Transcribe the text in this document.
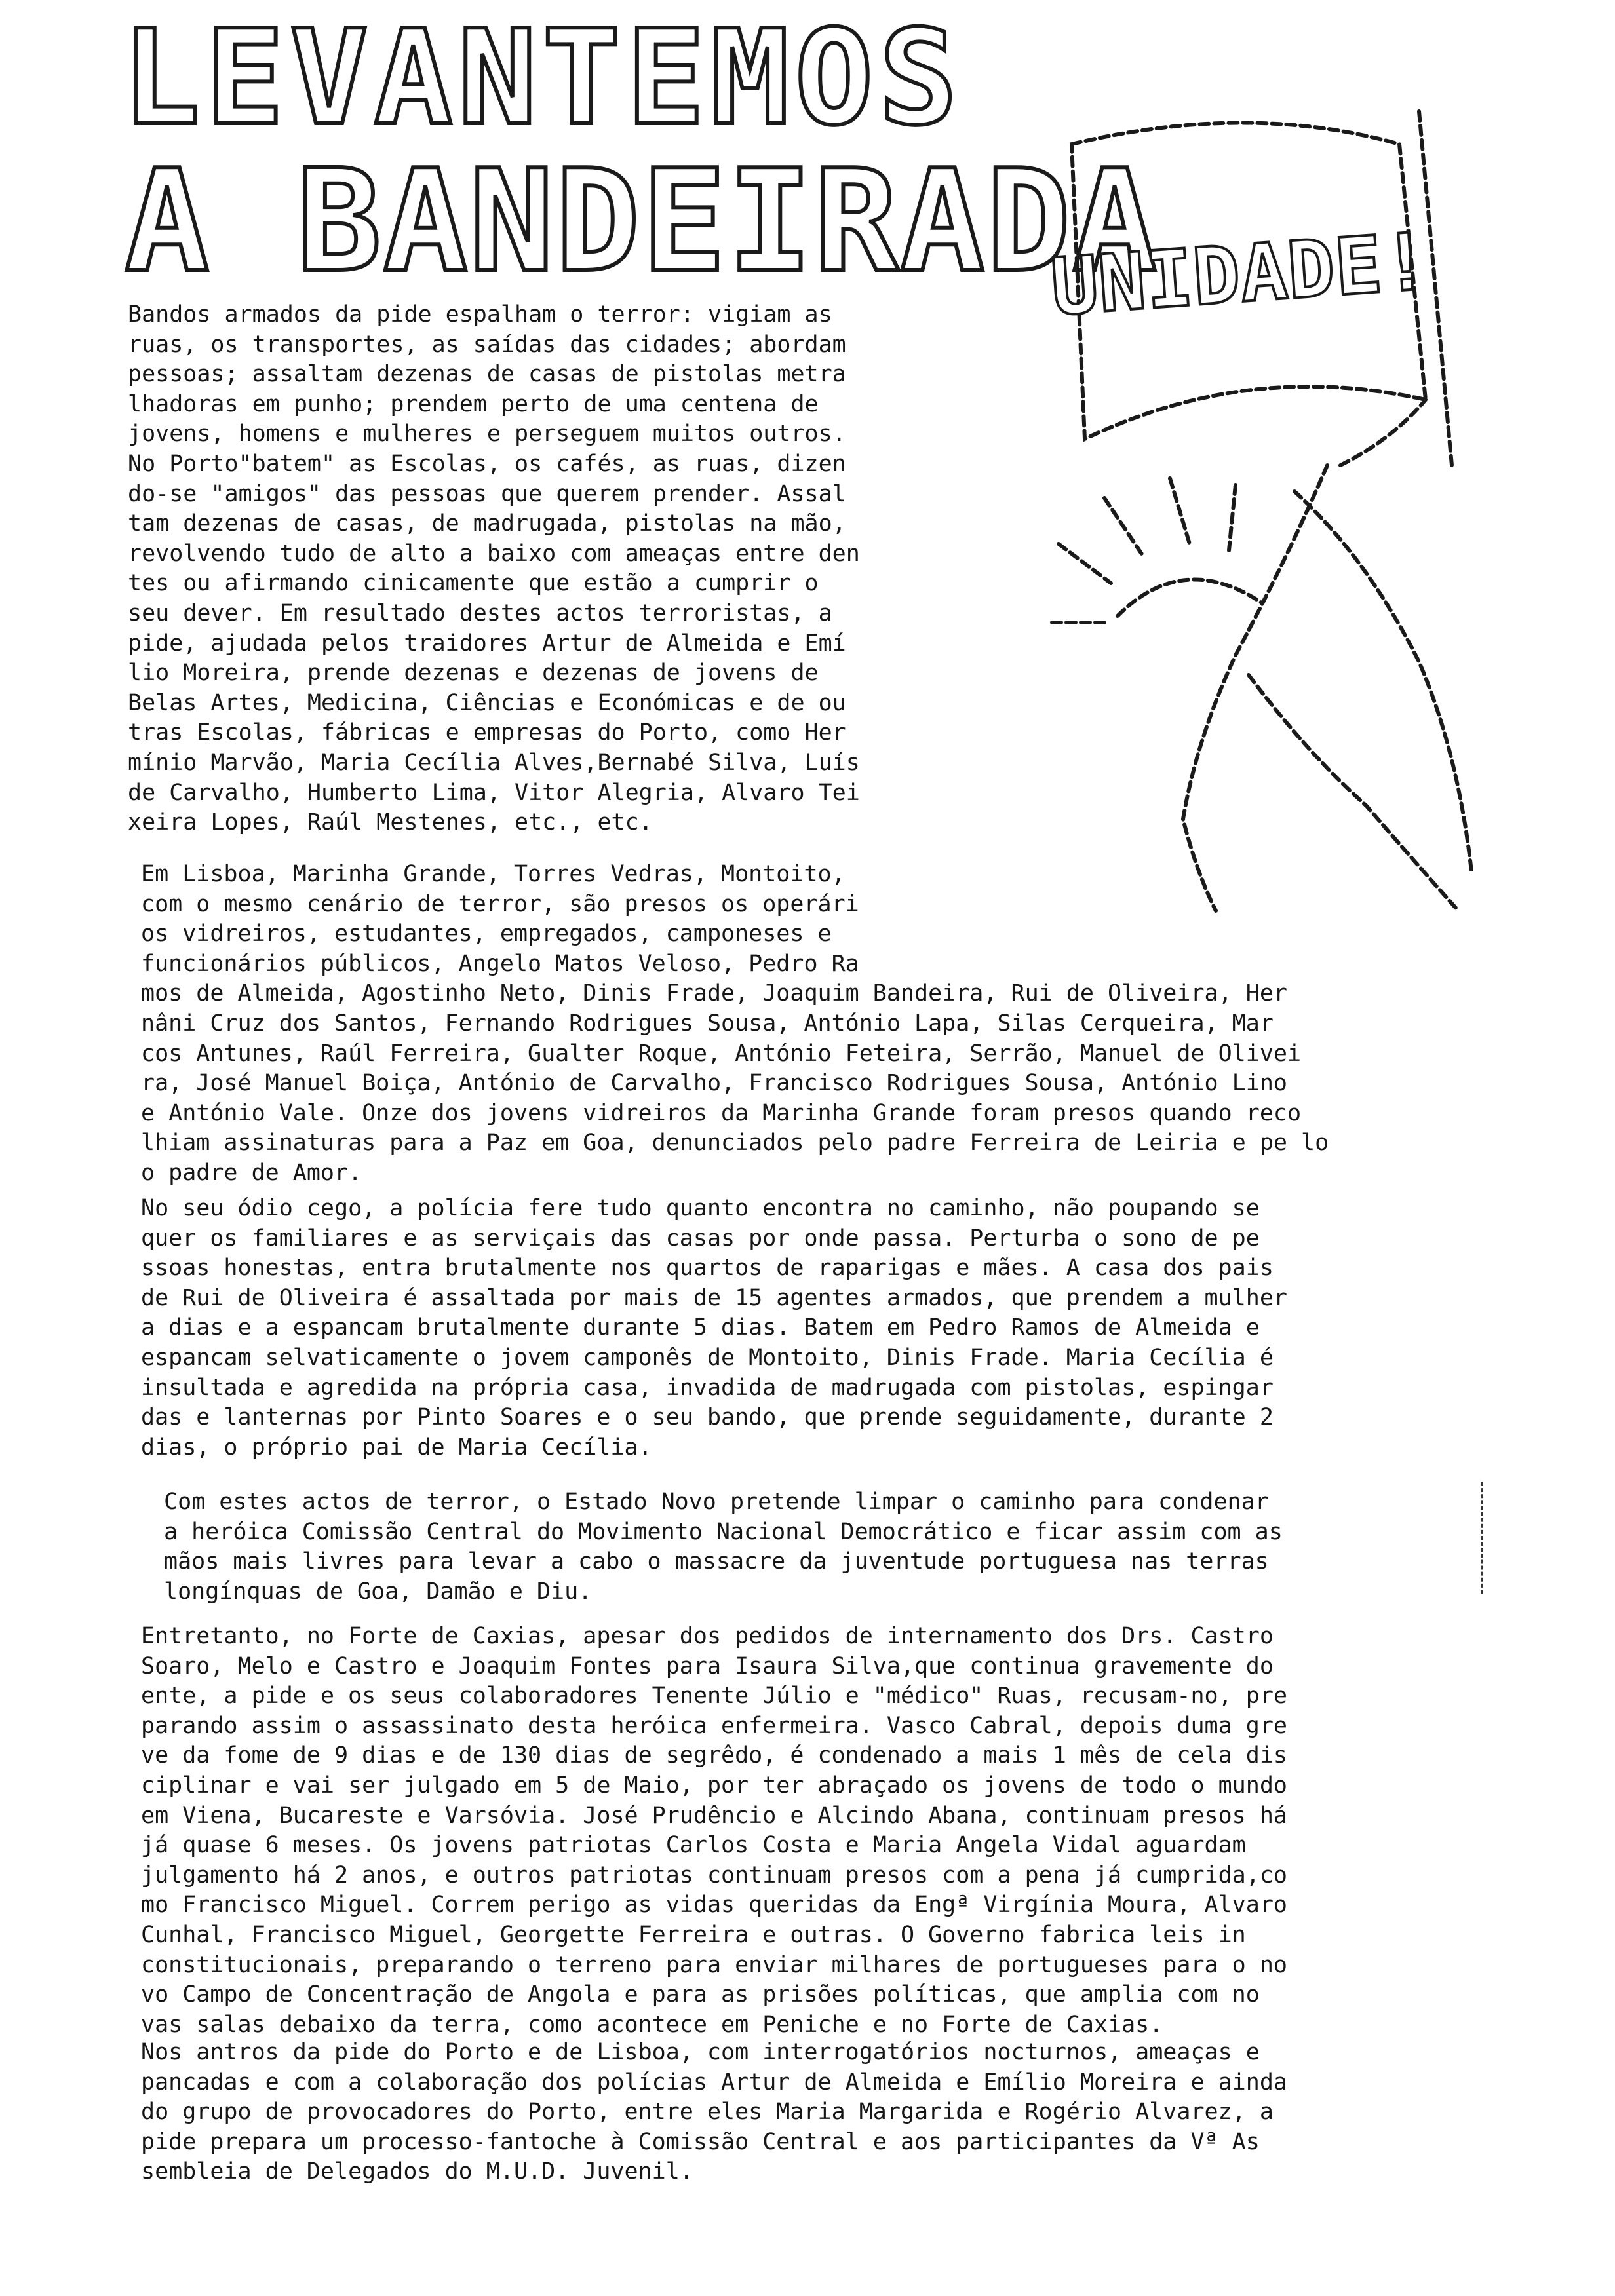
LEVANTEMOS
A BANDEIRADA
UNIDADE!
Bandos armados da pide espalham o terror: vigiam as
ruas, os transportes, as saídas das cidades; abordam
pessoas; assaltam dezenas de casas de pistolas metra
lhadoras em punho; prendem perto de uma centena de
jovens, homens e mulheres e perseguem muitos outros.
No Porto"batem" as Escolas, os cafés, as ruas, dizen
do-se "amigos" das pessoas que querem prender. Assal
tam dezenas de casas, de madrugada, pistolas na mão,
revolvendo tudo de alto a baixo com ameaças entre den
tes ou afirmando cinicamente que estão a cumprir o
seu dever. Em resultado destes actos terroristas, a
pide, ajudada pelos traidores Artur de Almeida e Emí
lio Moreira, prende dezenas e dezenas de jovens de
Belas Artes, Medicina, Ciências e Económicas e de ou
tras Escolas, fábricas e empresas do Porto, como Her
mínio Marvão, Maria Cecília Alves,Bernabé Silva, Luís
de Carvalho, Humberto Lima, Vitor Alegria, Alvaro Tei
xeira Lopes, Raúl Mestenes, etc., etc.
Em Lisboa, Marinha Grande, Torres Vedras, Montoito,
com o mesmo cenário de terror, são presos os operári
os vidreiros, estudantes, empregados, camponeses e
funcionários públicos, Angelo Matos Veloso, Pedro Ra
mos de Almeida, Agostinho Neto, Dinis Frade, Joaquim Bandeira, Rui de Oliveira, Her
nâni Cruz dos Santos, Fernando Rodrigues Sousa, António Lapa, Silas Cerqueira, Mar
cos Antunes, Raúl Ferreira, Gualter Roque, António Feteira, Serrão, Manuel de Olivei
ra, José Manuel Boiça, António de Carvalho, Francisco Rodrigues Sousa, António Lino
e António Vale. Onze dos jovens vidreiros da Marinha Grande foram presos quando reco
lhiam assinaturas para a Paz em Goa, denunciados pelo padre Ferreira de Leiria e pe lo
o padre de Amor.
No seu ódio cego, a polícia fere tudo quanto encontra no caminho, não poupando se
quer os familiares e as serviçais das casas por onde passa. Perturba o sono de pe
ssoas honestas, entra brutalmente nos quartos de raparigas e mães. A casa dos pais
de Rui de Oliveira é assaltada por mais de 15 agentes armados, que prendem a mulher
a dias e a espancam brutalmente durante 5 dias. Batem em Pedro Ramos de Almeida e
espancam selvaticamente o jovem camponês de Montoito, Dinis Frade. Maria Cecília é
insultada e agredida na própria casa, invadida de madrugada com pistolas, espingar
das e lanternas por Pinto Soares e o seu bando, que prende seguidamente, durante 2
dias, o próprio pai de Maria Cecília.
Com estes actos de terror, o Estado Novo pretende limpar o caminho para condenar
a heróica Comissão Central do Movimento Nacional Democrático e ficar assim com as
mãos mais livres para levar a cabo o massacre da juventude portuguesa nas terras
longínquas de Goa, Damão e Diu.
Entretanto, no Forte de Caxias, apesar dos pedidos de internamento dos Drs. Castro
Soaro, Melo e Castro e Joaquim Fontes para Isaura Silva,que continua gravemente do
ente, a pide e os seus colaboradores Tenente Júlio e "médico" Ruas, recusam-no, pre
parando assim o assassinato desta heróica enfermeira. Vasco Cabral, depois duma gre
ve da fome de 9 dias e de 130 dias de segrêdo, é condenado a mais 1 mês de cela dis
ciplinar e vai ser julgado em 5 de Maio, por ter abraçado os jovens de todo o mundo
em Viena, Bucareste e Varsóvia. José Prudêncio e Alcindo Abana, continuam presos há
já quase 6 meses. Os jovens patriotas Carlos Costa e Maria Angela Vidal aguardam
julgamento há 2 anos, e outros patriotas continuam presos com a pena já cumprida,co
mo Francisco Miguel. Correm perigo as vidas queridas da Engª Virgínia Moura, Alvaro
Cunhal, Francisco Miguel, Georgette Ferreira e outras. O Governo fabrica leis in
constitucionais, preparando o terreno para enviar milhares de portugueses para o no
vo Campo de Concentração de Angola e para as prisões políticas, que amplia com no
vas salas debaixo da terra, como acontece em Peniche e no Forte de Caxias.
Nos antros da pide do Porto e de Lisboa, com interrogatórios nocturnos, ameaças e
pancadas e com a colaboração dos polícias Artur de Almeida e Emílio Moreira e ainda
do grupo de provocadores do Porto, entre eles Maria Margarida e Rogério Alvarez, a
pide prepara um processo-fantoche à Comissão Central e aos participantes da Vª As
sembleia de Delegados do M.U.D. Juvenil.
